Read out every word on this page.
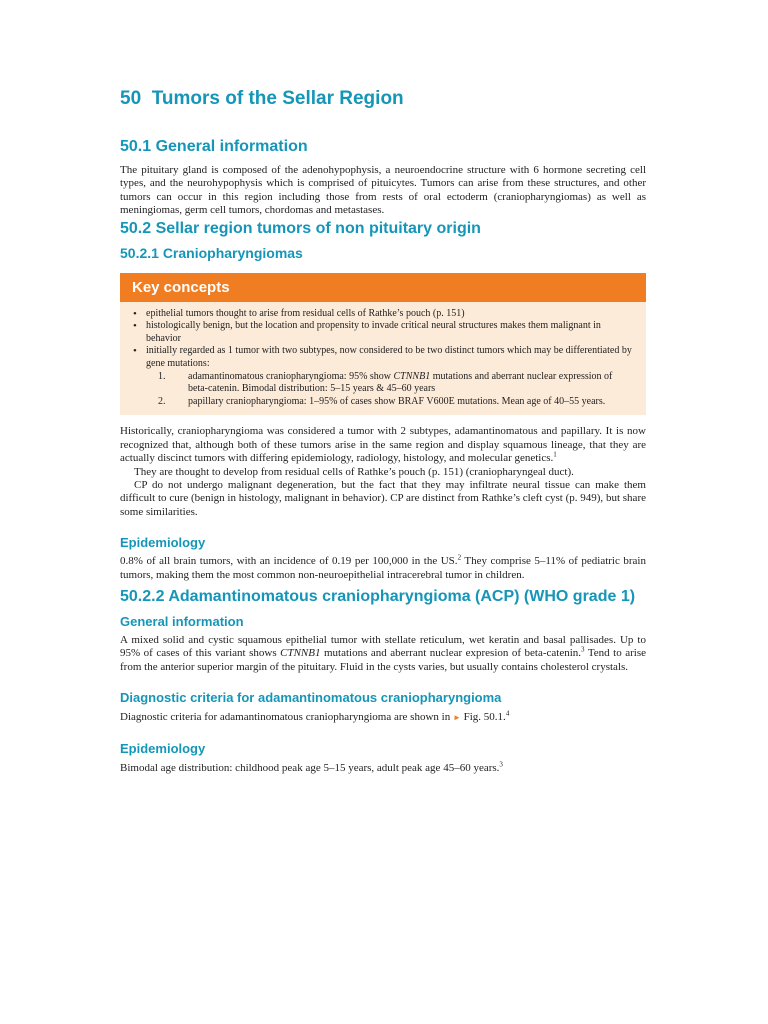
50 Tumors of the Sellar Region
50.1 General information

The pituitary gland is composed of the adenohypophysis, a neuroendocrine structure with 6 hormone secreting cell types, and the neurohypophysis which is comprised of pituicytes. Tumors can arise from these structures, and other tumors can occur in this region including those from rests of oral ectoderm (craniopharyngiomas) as well as meningiomas, germ cell tumors, chordomas and metastases.

50.2 Sellar region tumors of non pituitary origin
50.2.1 Craniopharyngiomas
Key concepts
• epithelial tumors thought to arise from residual cells of Rathke’s pouch (p. 151)
• histologically benign, but the location and propensity to invade critical neural structures makes them malignant in behavior
• initially regarded as 1 tumor with two subtypes, now considered to be two distinct tumors which may be differentiated by gene mutations:
1. adamantinomatous craniopharyngioma: 95% show CTNNB1 mutations and aberrant nuclear expression of beta-catenin. Bimodal distribution: 5–15 years & 45–60 years
2. papillary craniopharyngioma: 1–95% of cases show BRAF V600E mutations. Mean age of 40–55 years.

Historically, craniopharyngioma was considered a tumor with 2 subtypes, adamantinomatous and papillary. It is now recognized that, although both of these tumors arise in the same region and display squamous lineage, that they are actually discinct tumors with differing epidemiology, radiology, histology, and molecular genetics.$^1$

They are thought to develop from residual cells of Rathke’s pouch (p. 151) (craniopharyngeal duct).

CP do not undergo malignant degeneration, but the fact that they may infiltrate neural tissue can make them difficult to cure (benign in histology, malignant in behavior). CP are distinct from Rathke’s cleft cyst (p. 949), but share some similarities.

Epidemiology

0.8% of all brain tumors, with an incidence of 0.19 per 100,000 in the US.$^2$ They comprise 5–11% of pediatric brain tumors, making them the most common non-neuroepithelial intracerebral tumor in children.

50.2.2 Adamantinomatous craniopharyngioma (ACP) (WHO grade 1)
General information

A mixed solid and cystic squamous epithelial tumor with stellate reticulum, wet keratin and basal pallisades. Up to 95% of cases of this variant shows CTNNB1 mutations and aberrant nuclear expresion of beta-catenin.$^3$ Tend to arise from the anterior superior margin of the pituitary. Fluid in the cysts varies, but usually contains cholesterol crystals.

Diagnostic criteria for adamantinomatous craniopharyngioma

Diagnostic criteria for adamantinomatous craniopharyngioma are shown in ► Fig. 50.1.$^4$

Epidemiology

Bimodal age distribution: childhood peak age 5–15 years, adult peak age 45–60 years.$^3$
